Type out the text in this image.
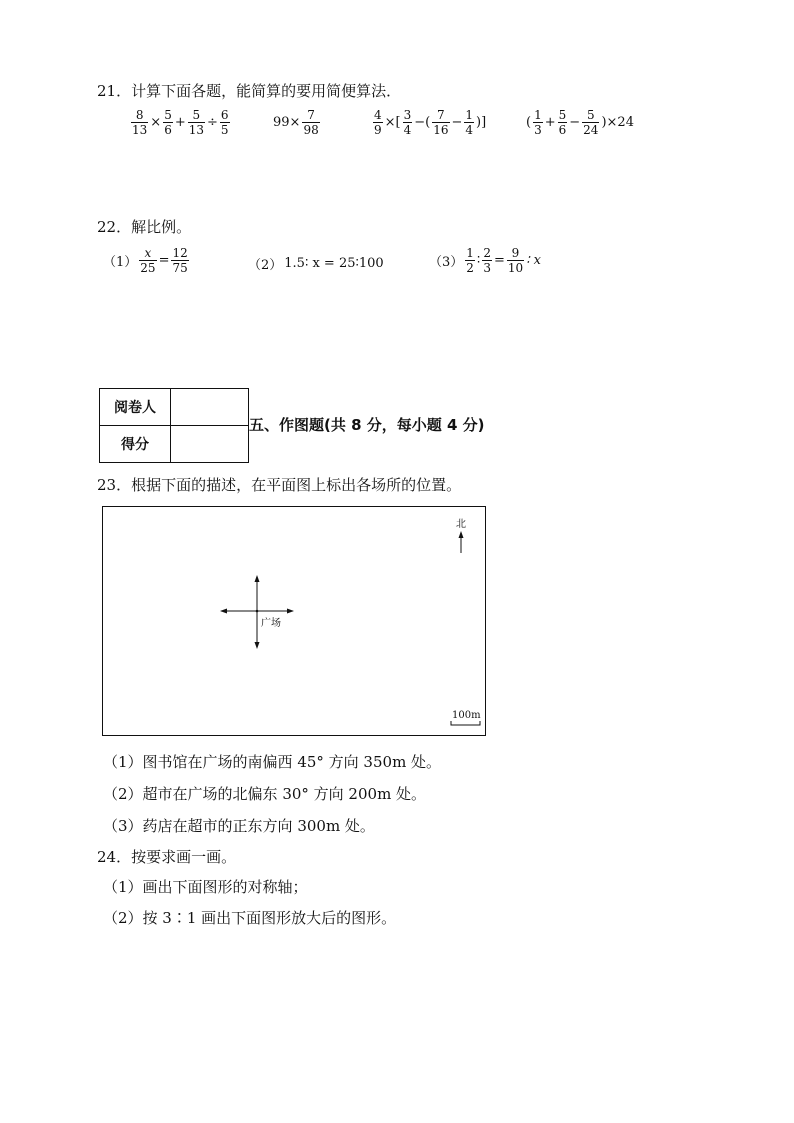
21．计算下面各题，能简算的要用简便算法．
$\frac{8}{13} \times \frac{5}{6} + \frac{5}{13} \div \frac{6}{5}$	$99\times \frac{7}{98}$	$\frac{4}{9}$ ×[ $\frac{3}{4}$ −( $\frac{7}{16} - \frac{1}{4}$ )]	( $\frac{1}{3} + \frac{5}{6} - \frac{5}{24} )\times 24$
22．解比例。
$(1) \frac{x}{25} = \frac{12}{75}$	（2） 1.5∶ x = 25∶100	$(3) \frac{1}{2}$ ∶ $\frac{2}{3} = \frac{9}{10}$ ∶ x
阅卷人	
得分	
五、作图题(共 8 分，每小题 4 分)
23．根据下面的描述，在平面图上标出各场所的位置。
北
广场
100m
（1）图书馆在广场的南偏西 45° 方向 350m 处。
（2）超市在广场的北偏东 30° 方向 200m 处。
（3）药店在超市的正东方向 300m 处。
24．按要求画一画。
（1）画出下面图形的对称轴；
（2）按 3∶1 画出下面图形放大后的图形。
